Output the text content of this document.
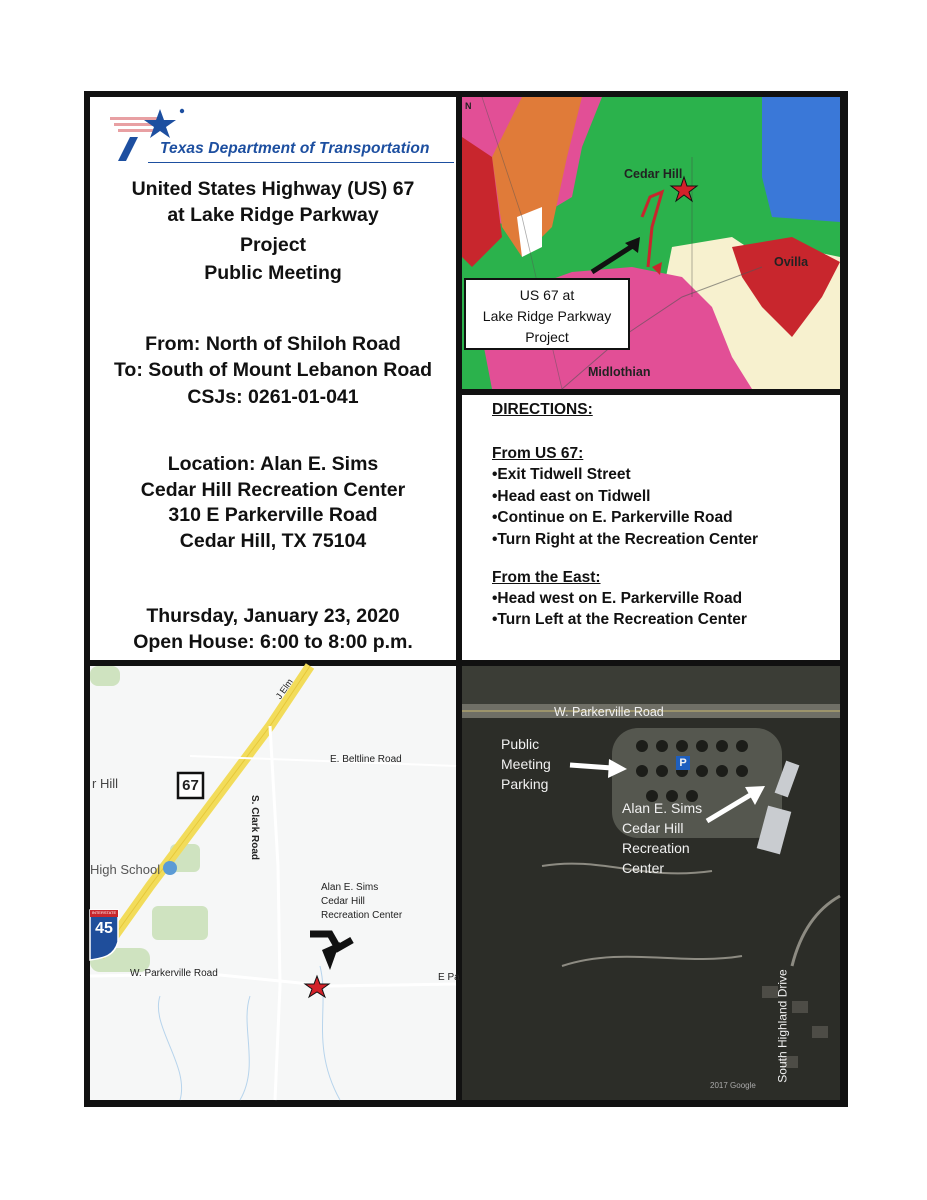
Texas Department of Transportation
United States Highway (US) 67
at Lake Ridge Parkway
Project
Public Meeting
From: North of Shiloh Road
To: South of Mount Lebanon Road
CSJs: 0261-01-041
Location: Alan E. Sims
Cedar Hill Recreation Center
310 E Parkerville Road
Cedar Hill, TX 75104
Thursday, January 23, 2020
Open House: 6:00 to 8:00 p.m.
N
Cedar Hill
Ovilla
Midlothian
US 67 at
Lake Ridge Parkway
Project
DIRECTIONS:
From US 67:
•Exit Tidwell Street
•Head east on Tidwell
•Continue on E. Parkerville Road
•Turn Right at the Recreation Center
From the East:
•Head west on E. Parkerville Road
•Turn Left at the Recreation Center
J Elm
r Hill	67
E. Beltline Road
S. Clark Road
High School
INTERSTATE
45
Alan E. Sims
Cedar Hill
Recreation Center
W. Parkerville Road	E Pa
W. Parkerville Road
Public
Meeting
Parking
P
Alan E. Sims
Cedar Hill
Recreation
Center
South Highland Drive
2017 Google
